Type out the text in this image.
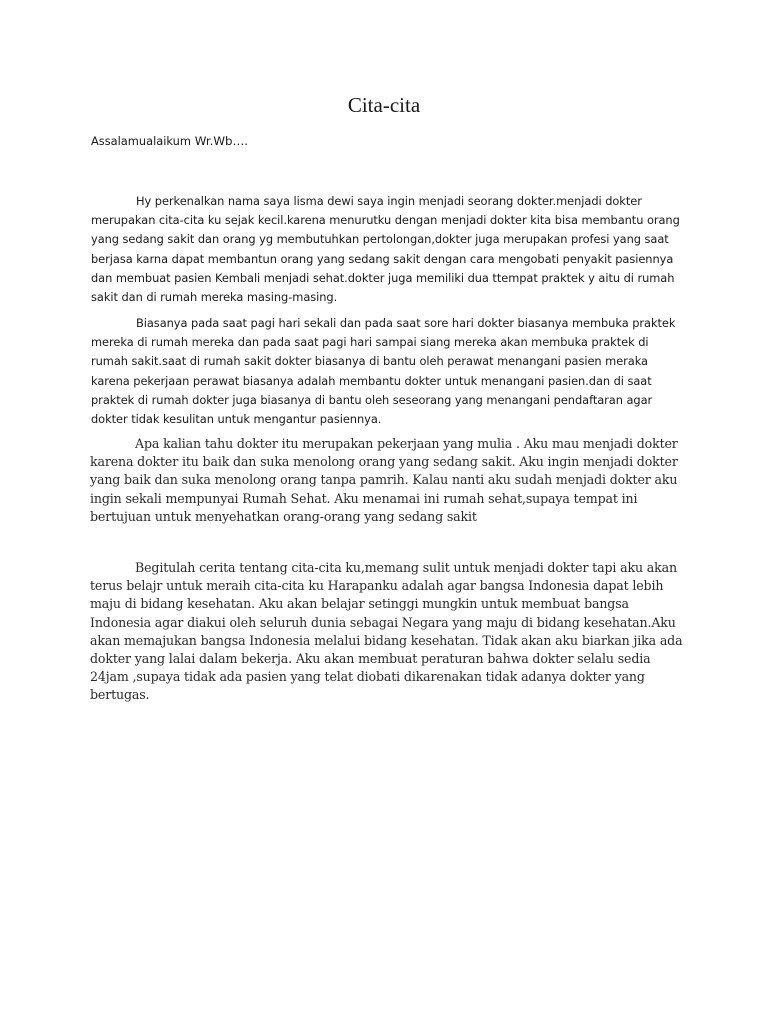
Cita-cita
Assalamualaikum Wr.Wb….

Hy perkenalkan nama saya lisma dewi saya ingin menjadi seorang dokter.menjadi dokter merupakan cita-cita ku sejak kecil.karena menurutku dengan menjadi dokter kita bisa membantu orang yang sedang sakit dan orang yg membutuhkan pertolongan,dokter juga merupakan profesi yang saat berjasa karna dapat membantun orang yang sedang sakit dengan cara mengobati penyakit pasiennya dan membuat pasien Kembali menjadi sehat.dokter juga memiliki dua ttempat praktek y aitu di rumah sakit dan di rumah mereka masing-masing.

Biasanya pada saat pagi hari sekali dan pada saat sore hari dokter biasanya membuka praktek mereka di rumah mereka dan pada saat pagi hari sampai siang mereka akan membuka praktek di rumah sakit.saat di rumah sakit dokter biasanya di bantu oleh perawat menangani pasien meraka karena pekerjaan perawat biasanya adalah membantu dokter untuk menangani pasien.dan di saat praktek di rumah dokter juga biasanya di bantu oleh seseorang yang menangani pendaftaran agar dokter tidak kesulitan untuk mengantur pasiennya.

Apa kalian tahu dokter itu merupakan pekerjaan yang mulia . Aku mau menjadi dokter karena dokter itu baik dan suka menolong orang yang sedang sakit. Aku ingin menjadi dokter yang baik dan suka menolong orang tanpa pamrih. Kalau nanti aku sudah menjadi dokter aku ingin sekali mempunyai Rumah Sehat. Aku menamai ini rumah sehat,supaya tempat ini bertujuan untuk menyehatkan orang-orang yang sedang sakit

Begitulah cerita tentang cita-cita ku,memang sulit untuk menjadi dokter tapi aku akan terus belajr untuk meraih cita-cita ku Harapanku adalah agar bangsa Indonesia dapat lebih maju di bidang kesehatan. Aku akan belajar setinggi mungkin untuk membuat bangsa Indonesia agar diakui oleh seluruh dunia sebagai Negara yang maju di bidang kesehatan.Aku akan memajukan bangsa Indonesia melalui bidang kesehatan. Tidak akan aku biarkan jika ada dokter yang lalai dalam bekerja. Aku akan membuat peraturan bahwa dokter selalu sedia 24jam ,supaya tidak ada pasien yang telat diobati dikarenakan tidak adanya dokter yang bertugas.
